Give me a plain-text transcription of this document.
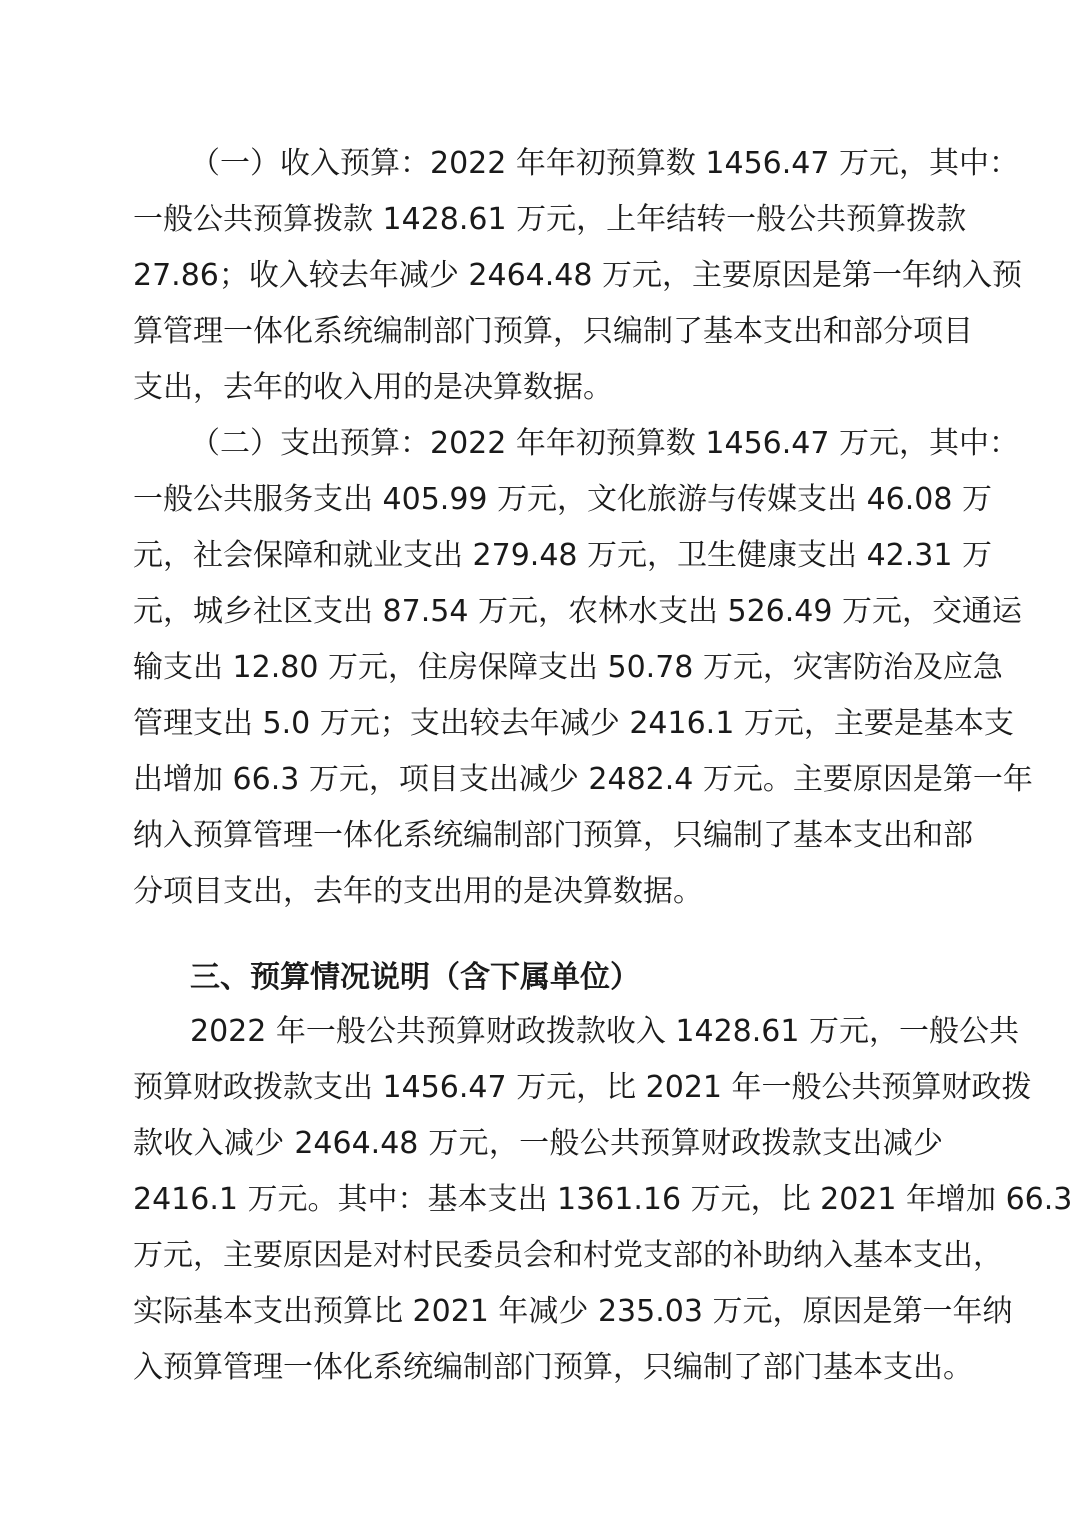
（一）收入预算：2022 年年初预算数 1456.47 万元，其中：
一般公共预算拨款 1428.61 万元，上年结转一般公共预算拨款
27.86；收入较去年减少 2464.48 万元，主要原因是第一年纳入预
算管理一体化系统编制部门预算，只编制了基本支出和部分项目
支出，去年的收入用的是决算数据。
（二）支出预算：2022 年年初预算数 1456.47 万元，其中：
一般公共服务支出 405.99 万元，文化旅游与传媒支出 46.08 万
元，社会保障和就业支出 279.48 万元，卫生健康支出 42.31 万
元，城乡社区支出 87.54 万元，农林水支出 526.49 万元，交通运
输支出 12.80 万元，住房保障支出 50.78 万元，灾害防治及应急
管理支出 5.0 万元；支出较去年减少 2416.1 万元，主要是基本支
出增加 66.3 万元，项目支出减少 2482.4 万元。主要原因是第一年
纳入预算管理一体化系统编制部门预算，只编制了基本支出和部
分项目支出，去年的支出用的是决算数据。
三、预算情况说明（含下属单位）
2022 年一般公共预算财政拨款收入 1428.61 万元，一般公共
预算财政拨款支出 1456.47 万元，比 2021 年一般公共预算财政拨
款收入减少 2464.48 万元，一般公共预算财政拨款支出减少
2416.1 万元。其中：基本支出 1361.16 万元，比 2021 年增加 66.3
万元，主要原因是对村民委员会和村党支部的补助纳入基本支出，
实际基本支出预算比 2021 年减少 235.03 万元，原因是第一年纳
入预算管理一体化系统编制部门预算，只编制了部门基本支出。
